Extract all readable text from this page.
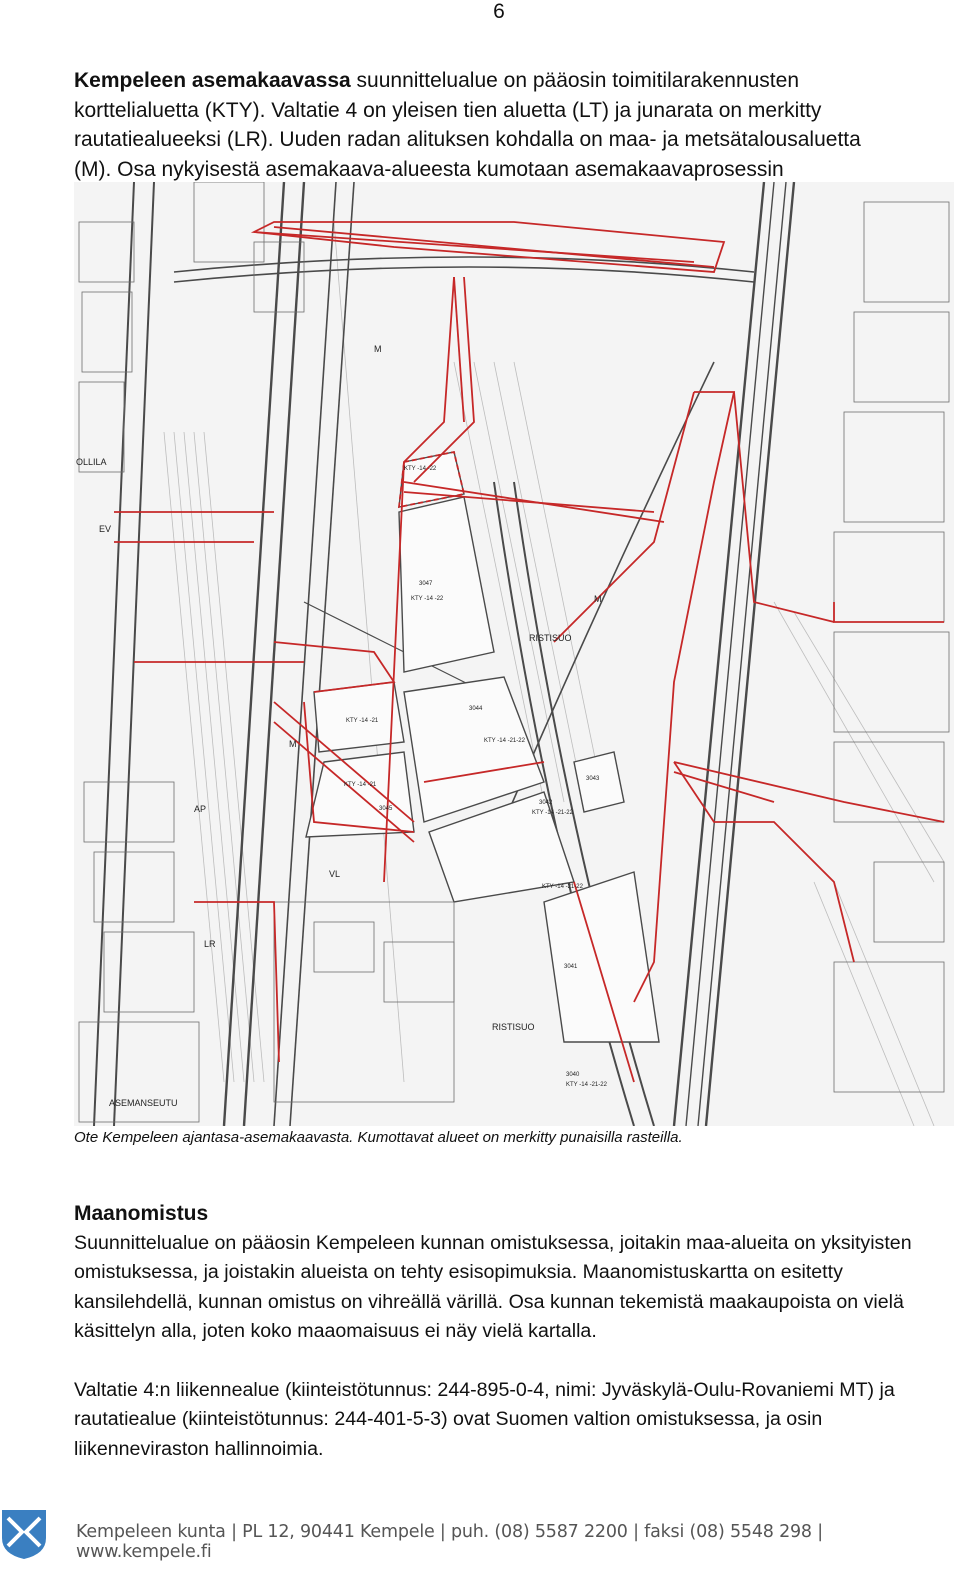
6
Kempeleen asemakaavassa suunnittelualue on pääosin toimitilarakennusten korttelialuetta (KTY). Valtatie 4 on yleisen tien aluetta (LT) ja junarata on merkitty rautatiealueeksi (LR). Uuden radan alituksen kohdalla on maa- ja metsätalousaluetta (M). Osa nykyisestä asemakaava-alueesta kumotaan asemakaavaprosessin
OLLILA
RISTISUO
RISTISUO
ASEMANSEUTU
3047
KTY -14 -22
3044
KTY -14 -21-22
3042
KTY -14 -21-22
3041
3045
KTY -14 -22
KTY -14 -21
KTY -14 -21
KTY -14 -21-22
3043
3040
KTY -14 -21-22
M
M
M
LR
VL
EV
AP
Ote Kempeleen ajantasa-asemakaavasta. Kumottavat alueet on merkitty punaisilla rasteilla.
Maanomistus
Suunnittelualue on pääosin Kempeleen kunnan omistuksessa, joitakin maa-alueita on yksityisten omistuksessa, ja joistakin alueista on tehty esisopimuksia. Maanomistuskartta on esitetty kansilehdellä, kunnan omistus on vihreällä värillä. Osa kunnan tekemistä maakaupoista on vielä käsittelyn alla, joten koko maaomaisuus ei näy vielä kartalla.
Valtatie 4:n liikennealue (kiinteistötunnus: 244-895-0-4, nimi: Jyväskylä-Oulu-Rovaniemi MT) ja rautatiealue (kiinteistötunnus: 244-401-5-3) ovat Suomen valtion omistuksessa, ja osin liikenneviraston hallinnoimia.
Kempeleen kunta | PL 12, 90441 Kempele | puh. (08) 5587 2200 | faksi (08) 5548 298 | www.kempele.fi
